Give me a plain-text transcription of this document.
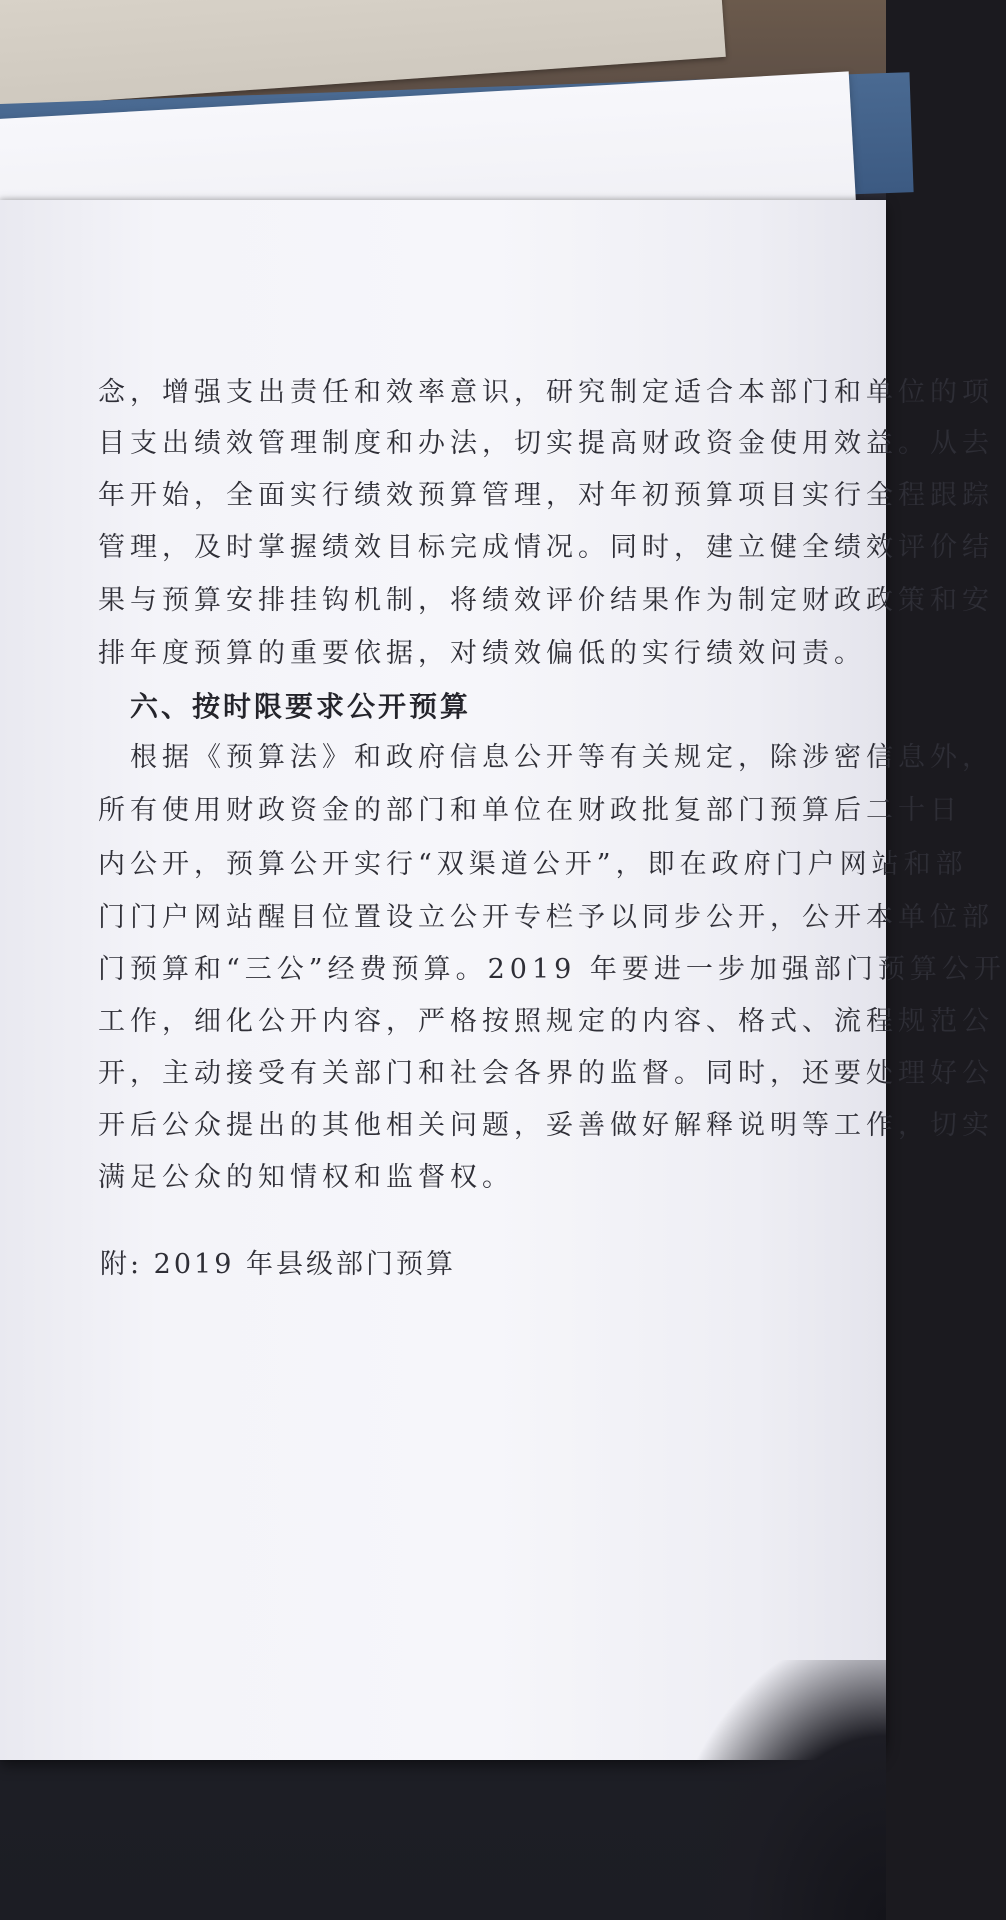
念，增强支出责任和效率意识，研究制定适合本部门和单位的项
目支出绩效管理制度和办法，切实提高财政资金使用效益。从去
年开始，全面实行绩效预算管理，对年初预算项目实行全程跟踪
管理，及时掌握绩效目标完成情况。同时，建立健全绩效评价结
果与预算安排挂钩机制，将绩效评价结果作为制定财政政策和安
排年度预算的重要依据，对绩效偏低的实行绩效问责。
六、按时限要求公开预算
根据《预算法》和政府信息公开等有关规定，除涉密信息外，
所有使用财政资金的部门和单位在财政批复部门预算后二十日
内公开，预算公开实行“双渠道公开”，即在政府门户网站和部
门门户网站醒目位置设立公开专栏予以同步公开，公开本单位部
门预算和“三公”经费预算。2019 年要进一步加强部门预算公开
工作，细化公开内容，严格按照规定的内容、格式、流程规范公
开，主动接受有关部门和社会各界的监督。同时，还要处理好公
开后公众提出的其他相关问题，妥善做好解释说明等工作，切实
满足公众的知情权和监督权。
附: 2019 年县级部门预算
